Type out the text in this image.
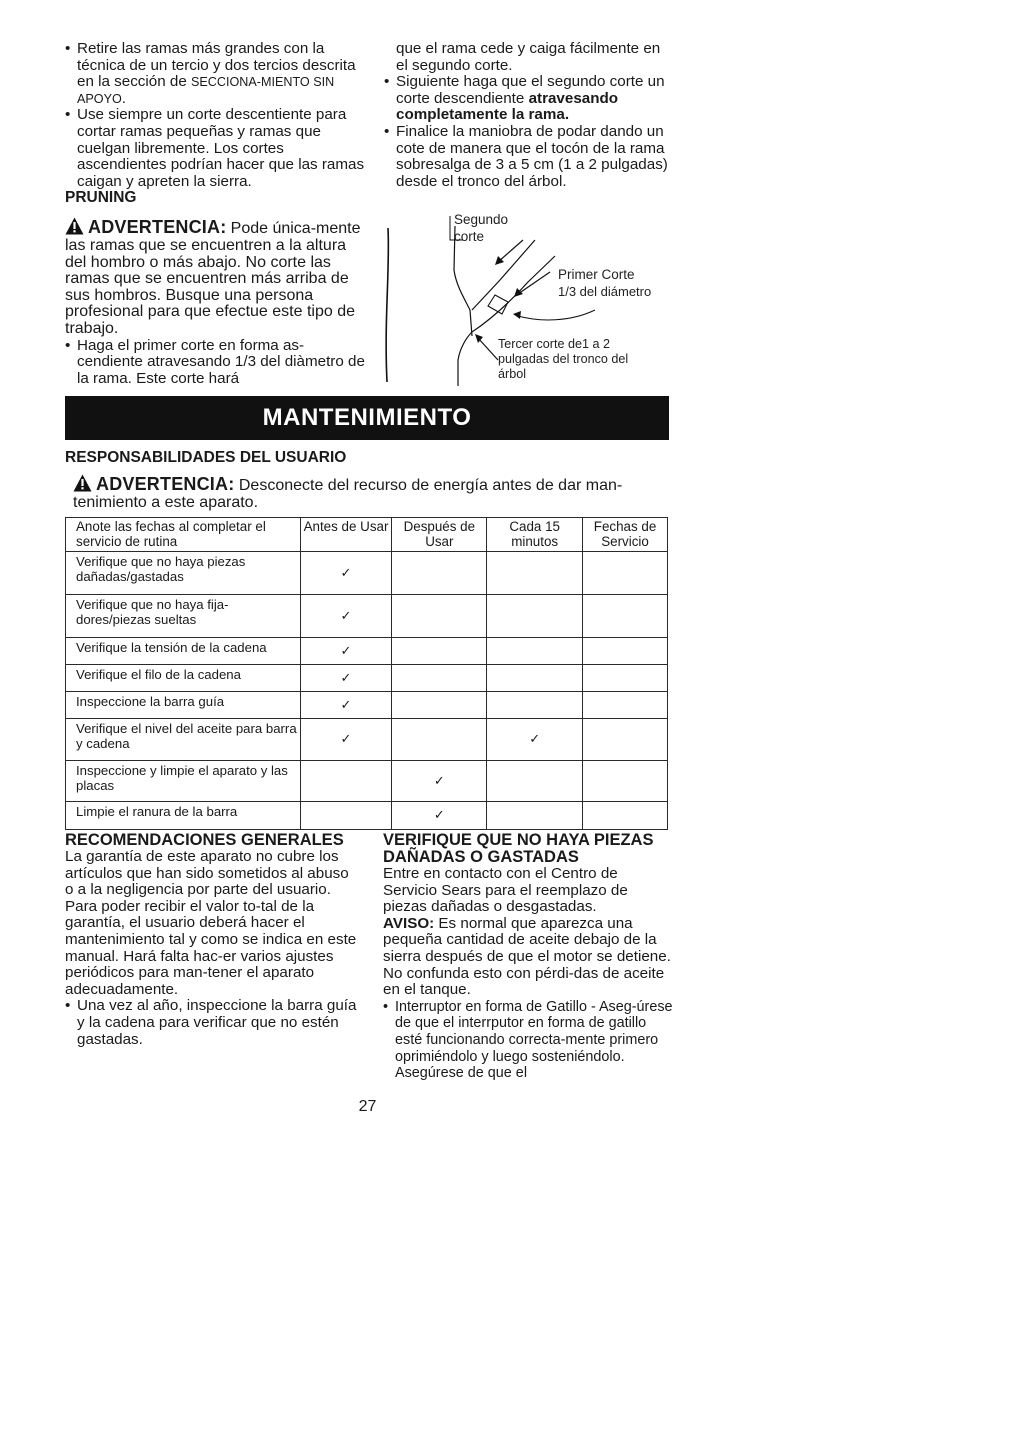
• Retire las ramas más grandes con la técnica de un tercio y dos tercios descrita en la sección de SECCIONA-MIENTO SIN APOYO.
• Use siempre un corte descentiente para cortar ramas pequeñas y ramas que cuelgan libremente. Los cortes ascendientes podrían hacer que las ramas caigan y apreten la sierra.

PRUNING

ADVERTENCIA: Pode única-mente las ramas que se encuentren a la altura del hombro o más abajo. No corte las ramas que se encuentren más arriba de sus hombros. Busque una persona profesional para que efectue este tipo de trabajo.

• Haga el primer corte en forma as-cendiente atravesando 1/3 del diàmetro de la rama. Este corte hará

que el rama cede y caiga fácilmente en el segundo corte.

• Siguiente haga que el segundo corte un corte descendiente atravesando completamente la rama.
• Finalice la maniobra de podar dando un cote de manera que el tocón de la rama sobresalga de 3 a 5 cm (1 a 2 pulgadas) desde el tronco del árbol.
Segundo
corte
Primer Corte
1/3 del diámetro
Tercer corte de1 a 2
pulgadas del tronco del
árbol
MANTENIMIENTO
RESPONSABILIDADES DEL USUARIO
ADVERTENCIA: Desconecte del recurso de energía antes de dar man-tenimiento a este aparato.
Anote las fechas al completar el servicio de rutina	Antes de Usar	Después de Usar	Cada 15 minutos	Fechas de Servicio
Verifique que no haya piezas dañadas/gastadas	✓			
Verifique que no haya fija-dores/piezas sueltas	✓			
Verifique la tensión de la cadena	✓			
Verifique el filo de la cadena	✓			
Inspeccione la barra guía	✓			
Verifique el nivel del aceite para barra y cadena	✓		✓	
Inspeccione y limpie el aparato y las placas		✓		
Limpie el ranura de la barra		✓		

RECOMENDACIONES GENERALES

La garantía de este aparato no cubre los artículos que han sido sometidos al abuso o a la negligencia por parte del usuario. Para poder recibir el valor to-tal de la garantía, el usuario deberá hacer el mantenimiento tal y como se indica en este manual. Hará falta hac-er varios ajustes periódicos para man-tener el aparato adecuadamente.

• Una vez al año, inspeccione la barra guía y la cadena para verificar que no estén gastadas.

VERIFIQUE QUE NO HAYA PIEZAS DAÑADAS O GASTADAS

Entre en contacto con el Centro de Servicio Sears para el reemplazo de piezas dañadas o desgastadas.

AVISO: Es normal que aparezca una pequeña cantidad de aceite debajo de la sierra después de que el motor se detiene. No confunda esto con pérdi-das de aceite en el tanque.

• Interruptor en forma de Gatillo - Aseg-úrese de que el interrputor en forma de gatillo esté funcionando correcta-mente primero oprimiéndolo y luego sosteniéndolo. Asegúrese de que el
27
